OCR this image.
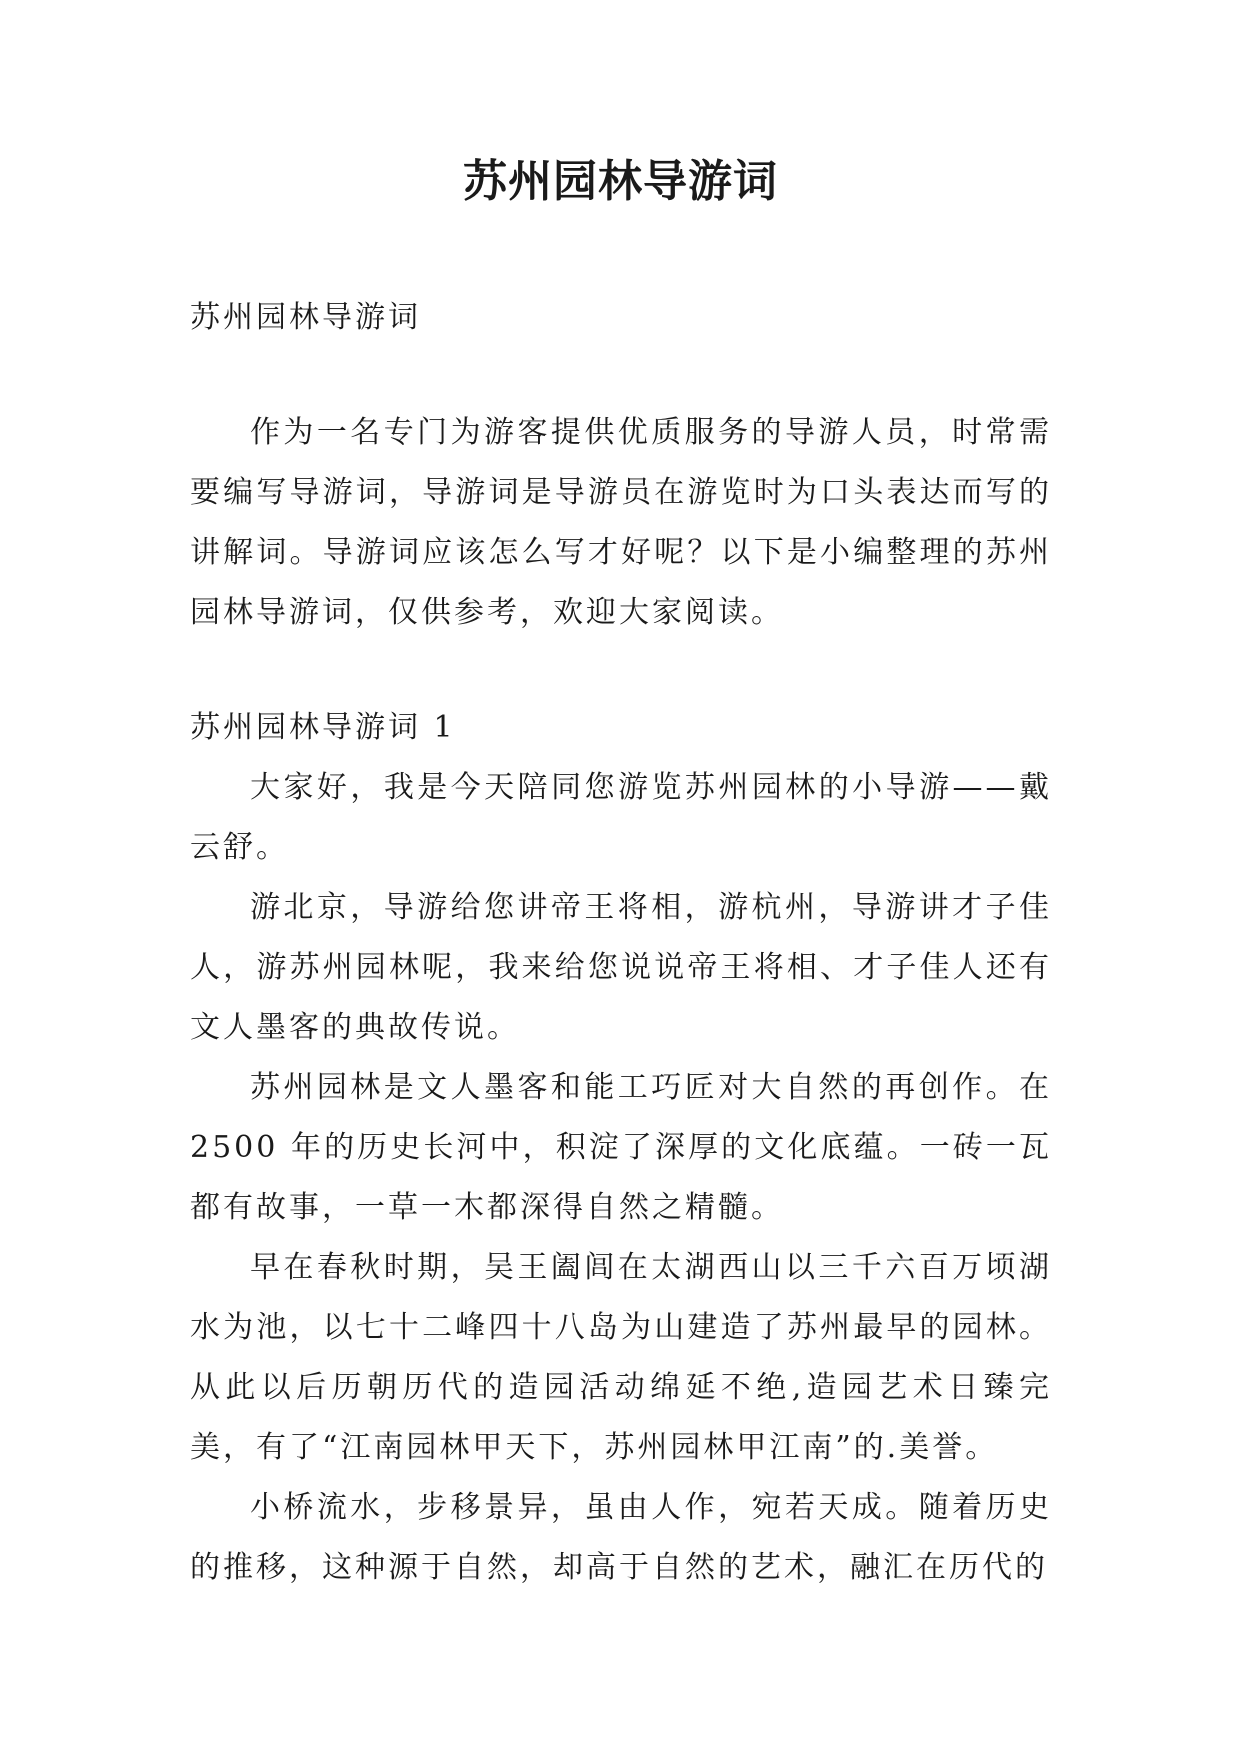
苏州园林导游词

苏州园林导游词

作为一名专门为游客提供优质服务的导游人员，时常需要编写导游词，导游词是导游员在游览时为口头表达而写的讲解词。导游词应该怎么写才好呢？以下是小编整理的苏州园林导游词，仅供参考，欢迎大家阅读。

苏州园林导游词 1

大家好，我是今天陪同您游览苏州园林的小导游——戴云舒。

游北京，导游给您讲帝王将相，游杭州，导游讲才子佳人，游苏州园林呢，我来给您说说帝王将相、才子佳人还有文人墨客的典故传说。

苏州园林是文人墨客和能工巧匠对大自然的再创作。在 2500 年的历史长河中，积淀了深厚的文化底蕴。一砖一瓦都有故事，一草一木都深得自然之精髓。

早在春秋时期，吴王阖闾在太湖西山以三千六百万顷湖水为池，以七十二峰四十八岛为山建造了苏州最早的园林。从此以后历朝历代的造园活动绵延不绝,造园艺术日臻完美，有了“江南园林甲天下，苏州园林甲江南”的.美誉。

小桥流水，步移景异，虽由人作，宛若天成。随着历史的推移，这种源于自然，却高于自然的艺术，融汇在历代的
